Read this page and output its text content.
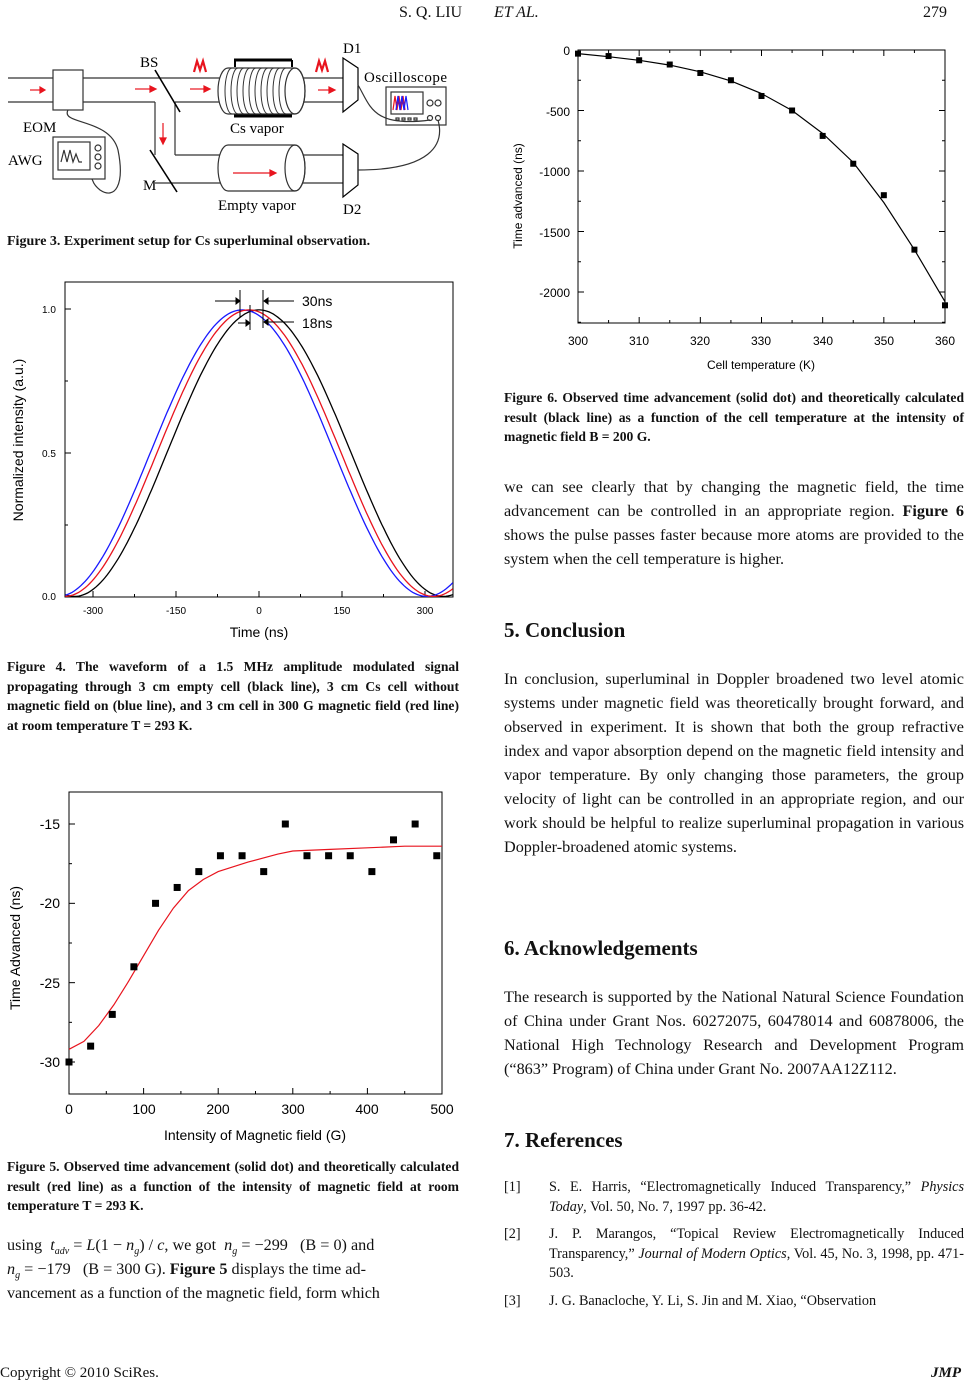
S. Q. LIU ET AL.	279
BS
EOM
AWG
M
Cs vapor
Empty vapor
D1
D2
Oscilloscope
Figure 3. Experiment setup for Cs superluminal observation.
30ns
18ns
1.0
0.5
0.0
-300	-150	0	150	300
Time (ns)
Normalized intensity (a.u.)
Figure 4. The waveform of a 1.5 MHz amplitude modulated signal propagating through 3 cm empty cell (black line), 3 cm Cs cell without magnetic field on (blue line), and 3 cm cell in 300 G magnetic field (red line) at room temperature T = 293 K.
-15
-20
-25
-30
0	100	200	300	400	500
Intensity of Magnetic field (G)
Time Advanced (ns)
Figure 5. Observed time advancement (solid dot) and theoretically calculated result (red line) as a function of the intensity of magnetic field at room temperature T = 293 K.
using $t_{adv} = L(1 - n_g) / c$, we got $n_g = -299$   (B = 0) and
$n_g = -179$   (B = 300 G). Figure 5 displays the time ad-
vancement as a function of the magnetic field, form which
0
-500
-1000
-1500
-2000
300	310	320	330	340	350	360
Cell temperature (K)
Time advanced (ns)
Figure 6. Observed time advancement (solid dot) and theoretically calculated result (black line) as a function of the cell temperature at the intensity of magnetic field B = 200 G.
we can see clearly that by changing the magnetic field, the time advancement can be controlled in an appropriate region. Figure 6 shows the pulse passes faster because more atoms are provided to the system when the cell temperature is higher.
5. Conclusion
In conclusion, superluminal in Doppler broadened two level atomic systems under magnetic field was theoretically brought forward, and observed in experiment. It is shown that both the group refractive index and vapor absorption depend on the magnetic field intensity and vapor temperature. By only changing those parameters, the group velocity of light can be controlled in an appropriate region, and our work should be helpful to realize superluminal propagation in various Doppler-broadened atomic systems.
6. Acknowledgements
The research is supported by the National Natural Science Foundation of China under Grant Nos. 60272075, 60478014 and 60878006, the National High Technology Research and Development Program (“863” Program) of China under Grant No. 2007AA12Z112.
7. References
[1] S. E. Harris, “Electromagnetically Induced Transparency,” Physics Today, Vol. 50, No. 7, 1997 pp. 36-42.
[2] J. P. Marangos, “Topical Review Electromagnetically Induced Transparency,” Journal of Modern Optics, Vol. 45, No. 3, 1998, pp. 471-503.
[3] J. G. Banacloche, Y. Li, S. Jin and M. Xiao, “Observation
Copyright © 2010 SciRes.	JMP
